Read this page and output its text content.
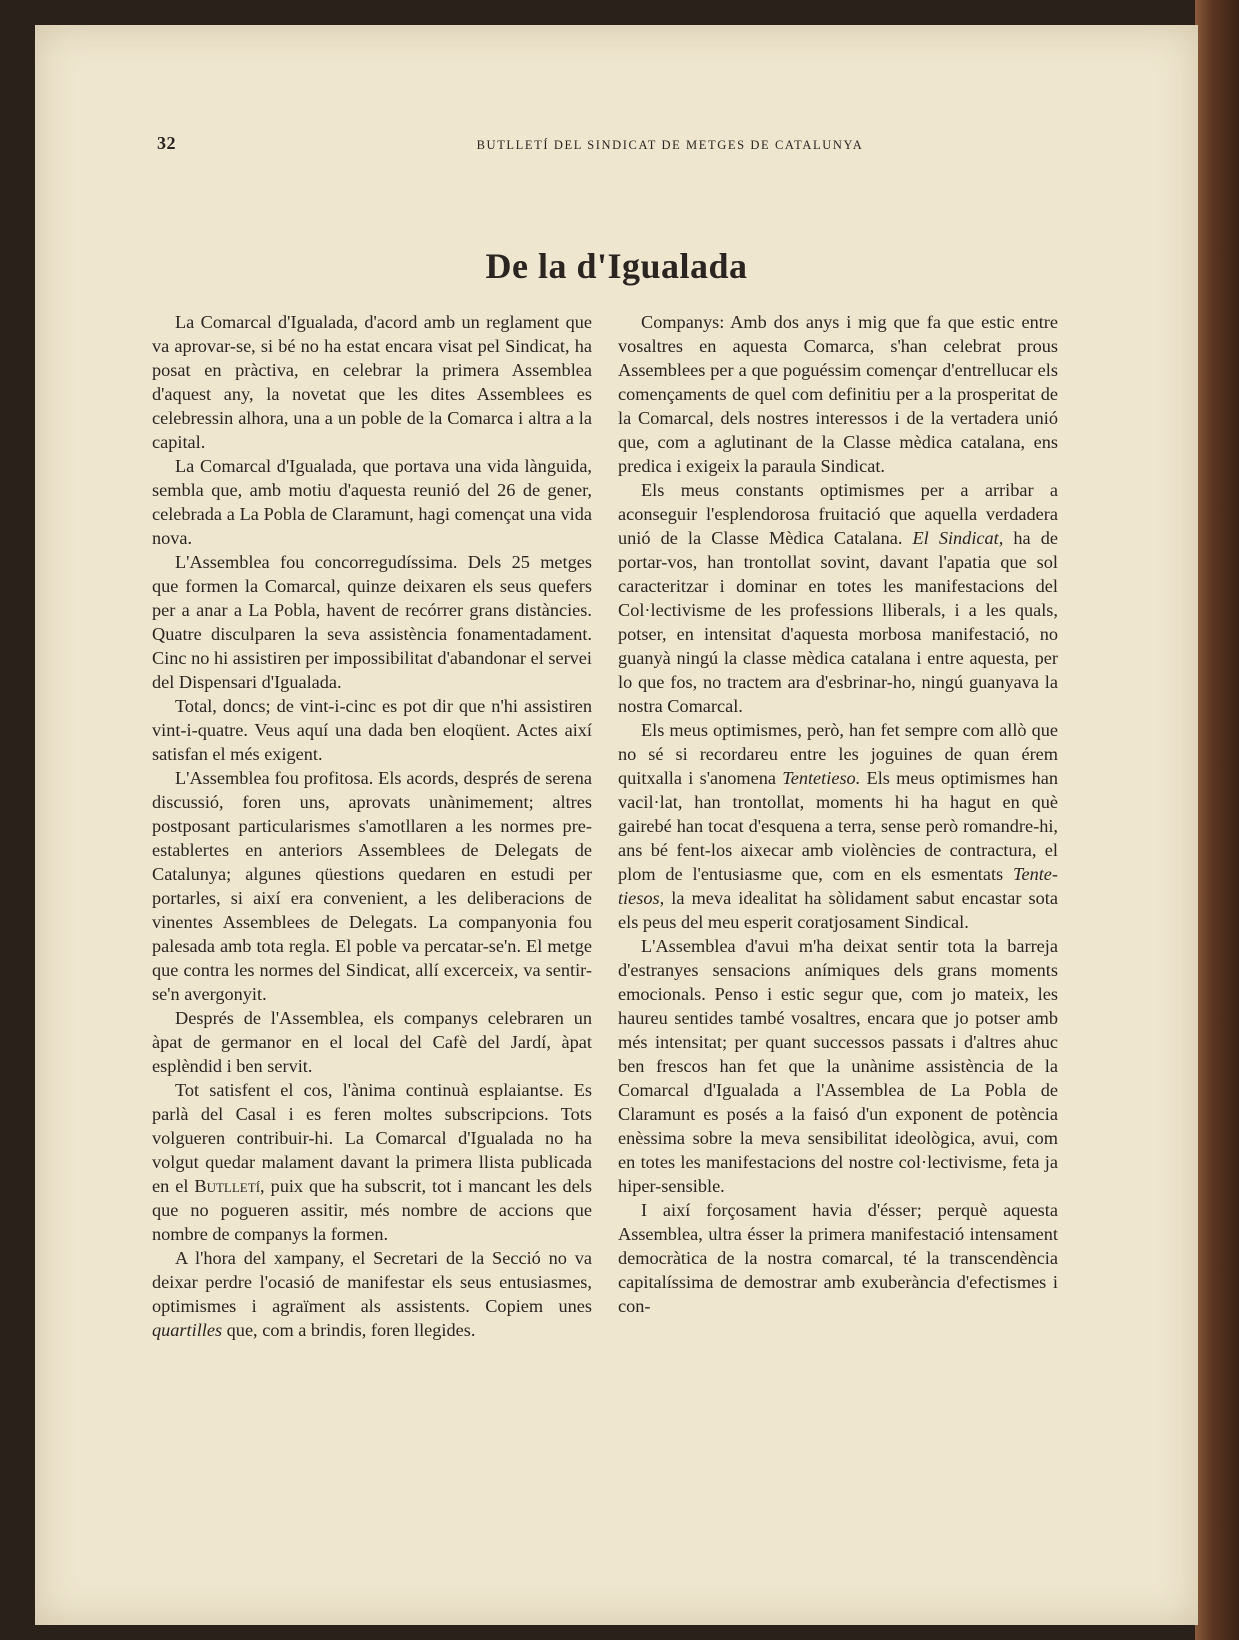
32	BUTLLETÍ DEL SINDICAT DE METGES DE CATALUNYA
De la d'Igualada

La Comarcal d'Igualada, d'acord amb un reglament que va aprovar-se, si bé no ha estat encara visat pel Sindicat, ha posat en pràctiva, en celebrar la primera Assemblea d'aquest any, la novetat que les dites Assemblees es celebressin alhora, una a un poble de la Comarca i altra a la capital.

La Comarcal d'Igualada, que portava una vida lànguida, sembla que, amb motiu d'aquesta reunió del 26 de gener, celebrada a La Pobla de Claramunt, hagi començat una vida nova.

L'Assemblea fou concorregudíssima. Dels 25 metges que formen la Comarcal, quinze deixaren els seus quefers per a anar a La Pobla, havent de recórrer grans distàncies. Quatre disculparen la seva assistència fonamentadament. Cinc no hi assistiren per impossibilitat d'abandonar el servei del Dispensari d'Igualada.

Total, doncs; de vint-i-cinc es pot dir que n'hi assistiren vint-i-quatre. Veus aquí una dada ben eloqüent. Actes així satisfan el més exigent.

L'Assemblea fou profitosa. Els acords, després de serena discussió, foren uns, aprovats unànimement; altres postposant particularismes s'amotllaren a les normes pre-establertes en anteriors Assemblees de Delegats de Catalunya; algunes qüestions quedaren en estudi per portarles, si així era convenient, a les deliberacions de vinentes Assemblees de Delegats. La companyonia fou palesada amb tota regla. El poble va percatar-se'n. El metge que contra les normes del Sindicat, allí excerceix, va sentir-se'n avergonyit.

Després de l'Assemblea, els companys celebraren un àpat de germanor en el local del Cafè del Jardí, àpat esplèndid i ben servit.

Tot satisfent el cos, l'ànima continuà esplaiantse. Es parlà del Casal i es feren moltes subscripcions. Tots volgueren contribuir-hi. La Comarcal d'Igualada no ha volgut quedar malament davant la primera llista publicada en el Butlletí, puix que ha subscrit, tot i mancant les dels que no pogueren assitir, més nombre de accions que nombre de companys la formen.

A l'hora del xampany, el Secretari de la Secció no va deixar perdre l'ocasió de manifestar els seus entusiasmes, optimismes i agraïment als assistents. Copiem unes quartilles que, com a brindis, foren llegides.

Companys: Amb dos anys i mig que fa que estic entre vosaltres en aquesta Comarca, s'han celebrat prous Assemblees per a que poguéssim començar d'entrellucar els començaments de quel com definitiu per a la prosperitat de la Comarcal, dels nostres interessos i de la vertadera unió que, com a aglutinant de la Classe mèdica catalana, ens predica i exigeix la paraula Sindicat.

Els meus constants optimismes per a arribar a aconseguir l'esplendorosa fruitació que aquella verdadera unió de la Classe Mèdica Catalana. El Sindicat, ha de portar-vos, han trontollat sovint, davant l'apatia que sol caracteritzar i dominar en totes les manifestacions del Col·lectivisme de les professions lliberals, i a les quals, potser, en intensitat d'aquesta morbosa manifestació, no guanyà ningú la classe mèdica catalana i entre aquesta, per lo que fos, no tractem ara d'esbrinar-ho, ningú guanyava la nostra Comarcal.

Els meus optimismes, però, han fet sempre com allò que no sé si recordareu entre les joguines de quan érem quitxalla i s'anomena Tentetieso. Els meus optimismes han vacil·lat, han trontollat, moments hi ha hagut en què gairebé han tocat d'esquena a terra, sense però romandre-hi, ans bé fent-los aixecar amb violències de contractura, el plom de l'entusiasme que, com en els esmentats Tente-tiesos, la meva idealitat ha sòlidament sabut encastar sota els peus del meu esperit coratjosament Sindical.

L'Assemblea d'avui m'ha deixat sentir tota la barreja d'estranyes sensacions anímiques dels grans moments emocionals. Penso i estic segur que, com jo mateix, les haureu sentides també vosaltres, encara que jo potser amb més intensitat; per quant successos passats i d'altres ahuc ben frescos han fet que la unànime assistència de la Comarcal d'Igualada a l'Assemblea de La Pobla de Claramunt es posés a la faisó d'un exponent de potència enèssima sobre la meva sensibilitat ideològica, avui, com en totes les manifestacions del nostre col·lectivisme, feta ja hiper-sensible.

I així forçosament havia d'ésser; perquè aquesta Assemblea, ultra ésser la primera manifestació intensament democràtica de la nostra comarcal, té la transcendència capitalíssima de demostrar amb exuberància d'efectismes i con-
